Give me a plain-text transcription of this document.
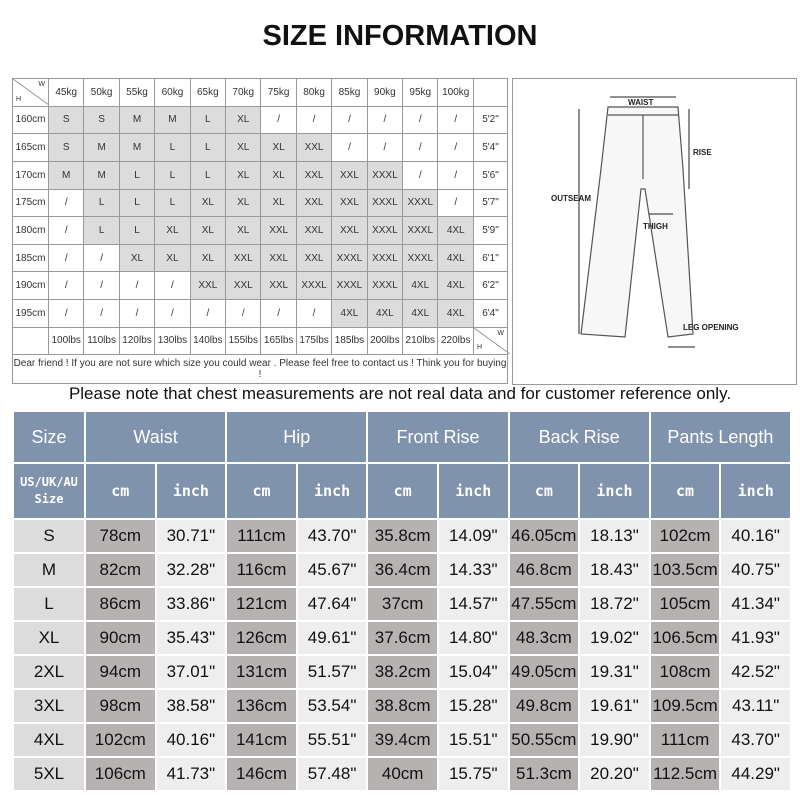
SIZE INFORMATION
H
W	45kg	50kg	55kg	60kg	65kg	70kg	75kg	80kg	85kg	90kg	95kg	100kg	
160cm	S	S	M	M	L	XL	/	/	/	/	/	/	5'2"
165cm	S	M	M	L	L	XL	XL	XXL	/	/	/	/	5'4"
170cm	M	M	L	L	L	XL	XL	XXL	XXL	XXXL	/	/	5'6"
175cm	/	L	L	L	XL	XL	XL	XXL	XXL	XXXL	XXXL	/	5'7"
180cm	/	L	L	XL	XL	XL	XXL	XXL	XXL	XXXL	XXXL	4XL	5'9"
185cm	/	/	XL	XL	XL	XXL	XXL	XXL	XXXL	XXXL	XXXL	4XL	6'1"
190cm	/	/	/	/	XXL	XXL	XXL	XXXL	XXXL	XXXL	4XL	4XL	6'2"
195cm	/	/	/	/	/	/	/	/	4XL	4XL	4XL	4XL	6'4"
	100lbs	110lbs	120lbs	130lbs	140lbs	155lbs	165lbs	175lbs	185lbs	200lbs	210lbs	220lbs	H
W

Dear friend ! If you are not sure which size you could wear . Please feel free to contact us ! Think you for buying !													
WAIST
RISE
OUTSEAM
THIGH
LEG OPENING
Please note that chest measurements are not real data and for customer reference only.
Size	Waist		Hip		Front Rise		Back Rise		Pants Length	

US/UK/AU
Size	cm	inch	cm	inch	cm	inch	cm	inch	cm	inch
S	78cm	30.71"	111cm	43.70"	35.8cm	14.09"	46.05cm	18.13"	102cm	40.16"
M	82cm	32.28"	116cm	45.67"	36.4cm	14.33"	46.8cm	18.43"	103.5cm	40.75"
L	86cm	33.86"	121cm	47.64"	37cm	14.57"	47.55cm	18.72"	105cm	41.34"
XL	90cm	35.43"	126cm	49.61"	37.6cm	14.80"	48.3cm	19.02"	106.5cm	41.93"
2XL	94cm	37.01"	131cm	51.57"	38.2cm	15.04"	49.05cm	19.31"	108cm	42.52"
3XL	98cm	38.58"	136cm	53.54"	38.8cm	15.28"	49.8cm	19.61"	109.5cm	43.11"
4XL	102cm	40.16"	141cm	55.51"	39.4cm	15.51"	50.55cm	19.90"	111cm	43.70"
5XL	106cm	41.73"	146cm	57.48"	40cm	15.75"	51.3cm	20.20"	112.5cm	44.29"
